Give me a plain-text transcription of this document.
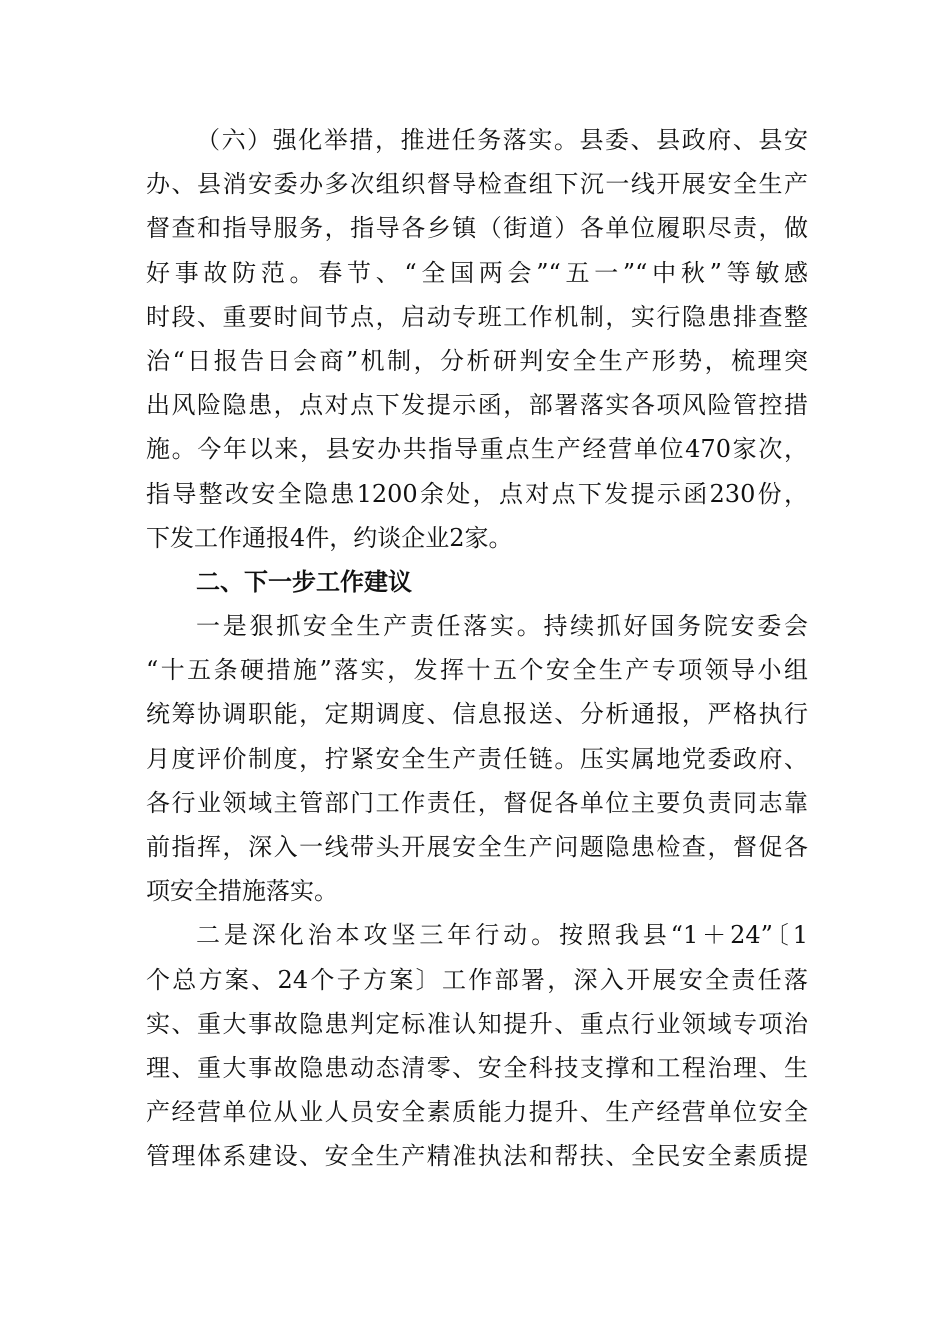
（六）强化举措，推进任务落实。县委、县政府、县安
办、县消安委办多次组织督导检查组下沉一线开展安全生产
督查和指导服务，指导各乡镇（街道）各单位履职尽责，做
好事故防范。春节、“全国两会”“五一”“中秋”等敏感
时段、重要时间节点，启动专班工作机制，实行隐患排查整
治“日报告日会商”机制，分析研判安全生产形势，梳理突
出风险隐患，点对点下发提示函，部署落实各项风险管控措
施。今年以来，县安办共指导重点生产经营单位470家次，
指导整改安全隐患1200余处，点对点下发提示函230份，
下发工作通报4件，约谈企业2家。
二、下一步工作建议
一是狠抓安全生产责任落实。持续抓好国务院安委会
“十五条硬措施”落实，发挥十五个安全生产专项领导小组
统筹协调职能，定期调度、信息报送、分析通报，严格执行
月度评价制度，拧紧安全生产责任链。压实属地党委政府、
各行业领域主管部门工作责任，督促各单位主要负责同志靠
前指挥，深入一线带头开展安全生产问题隐患检查，督促各
项安全措施落实。
二是深化治本攻坚三年行动。按照我县“1＋24”〔1
个总方案、24个子方案〕工作部署，深入开展安全责任落
实、重大事故隐患判定标准认知提升、重点行业领域专项治
理、重大事故隐患动态清零、安全科技支撑和工程治理、生
产经营单位从业人员安全素质能力提升、生产经营单位安全
管理体系建设、安全生产精准执法和帮扶、全民安全素质提
